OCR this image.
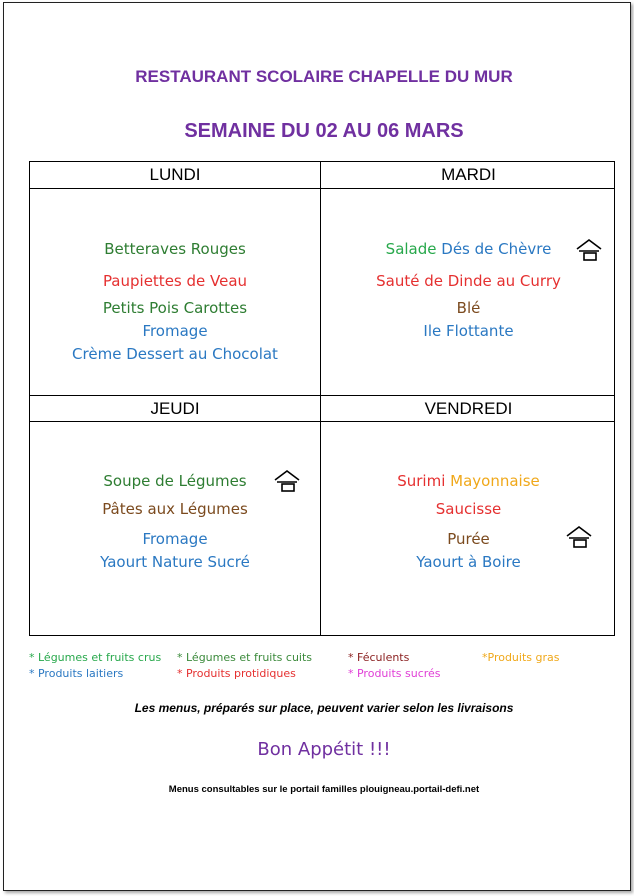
RESTAURANT SCOLAIRE CHAPELLE DU MUR
SEMAINE DU 02 AU 06 MARS
LUNDI	MARDI
JEUDI	VENDREDI
Betteraves Rouges
Paupiettes de Veau
Petits Pois Carottes
Fromage
Crème Dessert au Chocolat
Salade Dés de Chèvre
Sauté de Dinde au Curry
Blé
Ile Flottante
Soupe de Légumes
Pâtes aux Légumes
Fromage
Yaourt Nature Sucré
Surimi Mayonnaise
Saucisse
Purée
Yaourt à Boire
* Légumes et fruits crus * Légumes et fruits cuits	* Féculents	*Produits gras
* Produits laitiers	* Produits protidiques	* Produits sucrés
Les menus, préparés sur place, peuvent varier selon les livraisons
Bon Appétit !!!
Menus consultables sur le portail familles plouigneau.portail-defi.net
